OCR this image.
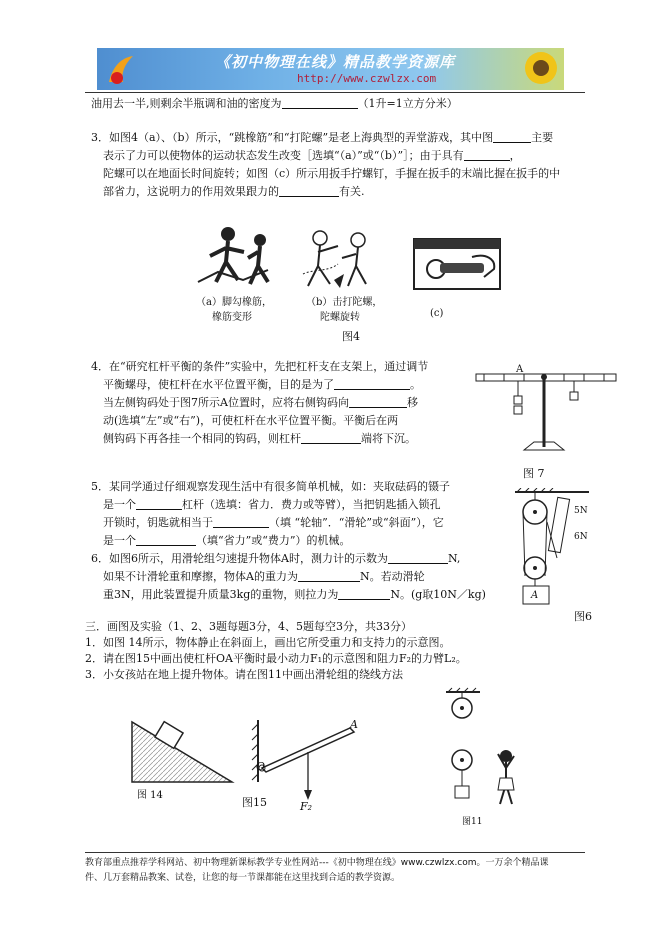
《初中物理在线》精品教学资源库
http://www.czwlzx.com
油用去一半,则剩余半瓶调和油的密度为	（1升=1立方分米）
3．如图4（a）、（b）所示，“跳橡筋”和“打陀螺”是老上海典型的弄堂游戏，其中图	主要
表示了力可以使物体的运动状态发生改变［选填“（a）”或“（b）”］；由于具有	，
陀螺可以在地面长时间旋转；如图（c）所示用扳手拧螺钉，手握在扳手的末端比握在扳手的中
部省力，这说明力的作用效果跟力的	有关.
（a）脚勾橡筋，
橡筋变形
（b）击打陀螺，
陀螺旋转	(c)
图4
4．在“研究杠杆平衡的条件”实验中，先把杠杆支在支架上，通过调节
平衡螺母，使杠杆在水平位置平衡，目的是为了	。
当左侧钩码处于图7所示A位置时，应将右侧钩码向	移
动(选填“左”或“右”)，可使杠杆在水平位置平衡。平衡后在两
侧钩码下再各挂一个相同的钩码，则杠杆	端将下沉。
A
图 7
5．某同学通过仔细观察发现生活中有很多简单机械，如：夹取砝码的镊子
是一个	杠杆（选填：省力．费力或等臂），当把钥匙插入锁孔
开锁时，钥匙就相当于	（填 “轮轴”．“滑轮”或“斜面”），它
是一个	（填“省力”或“费力”）的机械。
6．如图6所示，用滑轮组匀速提升物体A时，测力计的示数为	N,
如果不计滑轮重和摩擦，物体A的重力为	N。若动滑轮
重3N，用此装置提升质量3kg的重物，则拉力为	N。(g取10N／kg)	A
5N
6N
图6
三．画图及实验（1、2、3题每题3分，4、5题每空3分，共33分）
1．如图 14所示，物体静止在斜面上，画出它所受重力和支持力的示意图。
2．请在图15中画出使杠杆OA平衡时最小动力F₁的示意图和阻力F₂的力臂L₂。
3．小女孩站在地上提升物体。请在图11中画出滑轮组的绕线方法
图 14
A
O
F₂
图15
图11
教育部重点推荐学科网站、初中物理新课标教学专业性网站---《初中物理在线》www.czwlzx.com。一万余个精品课
件、几万套精品教案、试卷，让您的每一节课都能在这里找到合适的教学资源。
